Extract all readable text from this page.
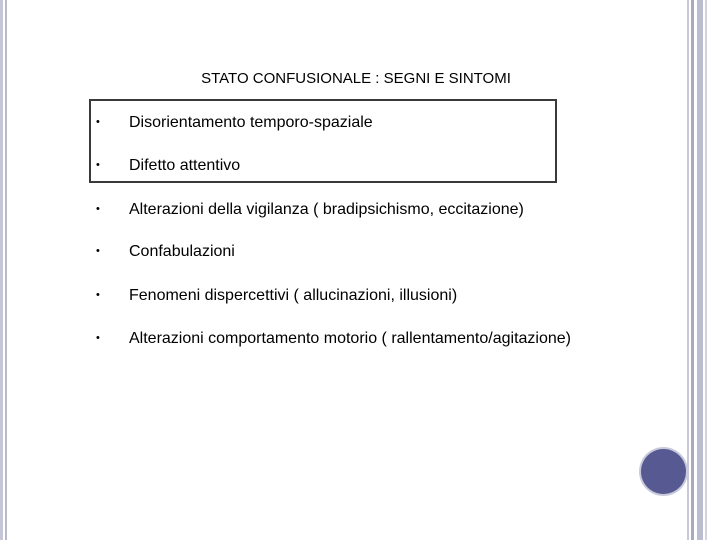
STATO CONFUSIONALE : SEGNI E SINTOMI
• Disorientamento temporo-spaziale
• Difetto attentivo
• Alterazioni della vigilanza ( bradipsichismo, eccitazione)
• Confabulazioni
• Fenomeni dispercettivi ( allucinazioni, illusioni)
• Alterazioni comportamento motorio ( rallentamento/agitazione)
